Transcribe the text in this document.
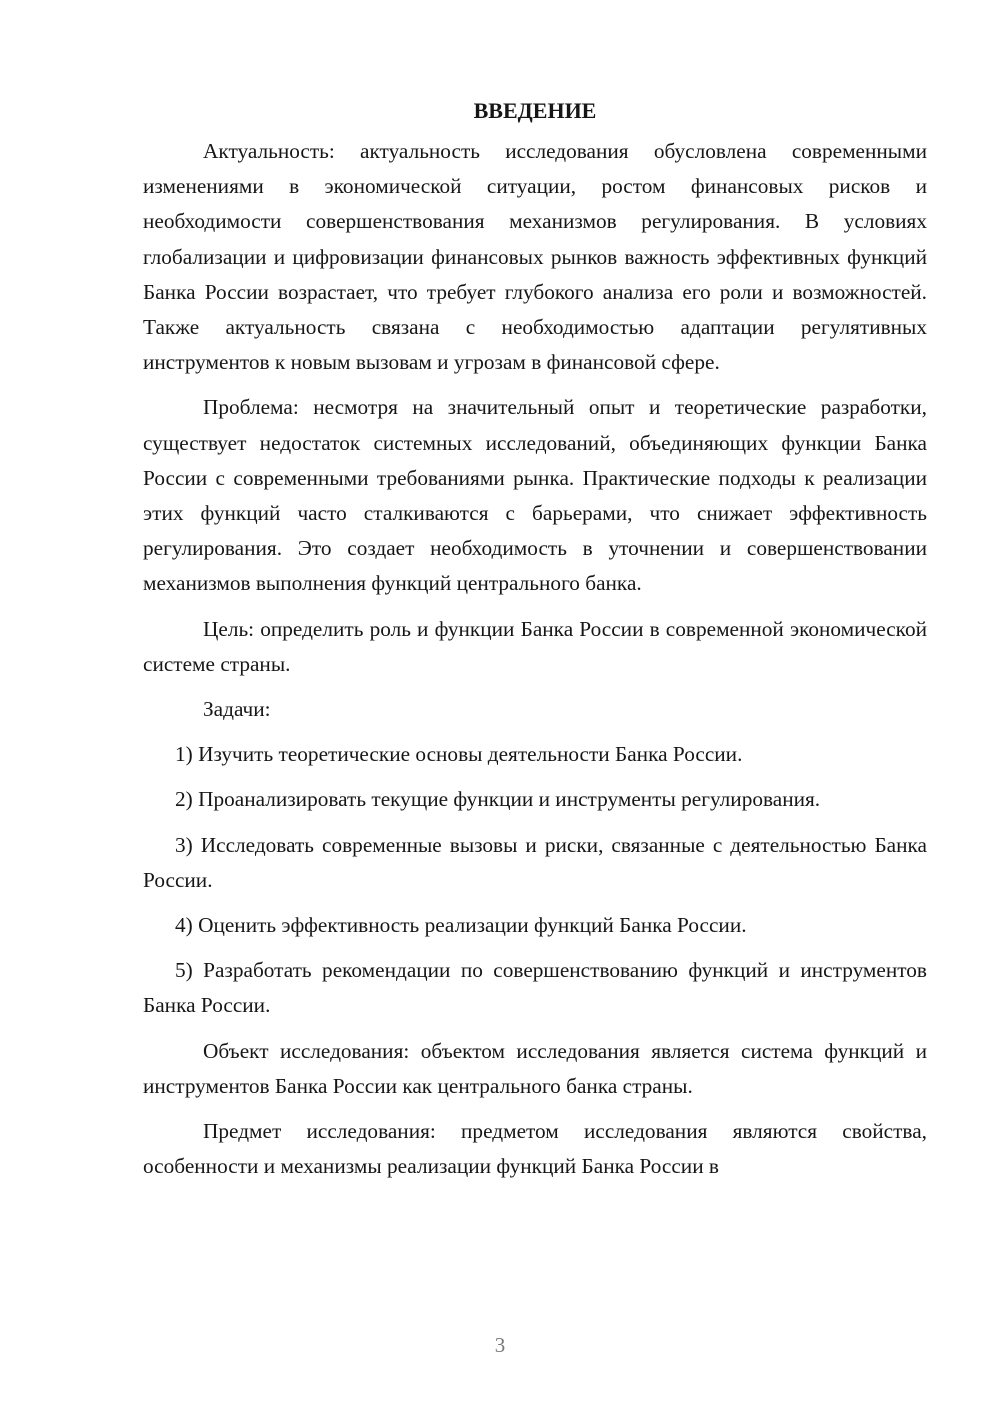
ВВЕДЕНИЕ

Актуальность: актуальность исследования обусловлена современными изменениями в экономической ситуации, ростом финансовых рисков и необходимости совершенствования механизмов регулирования. В условиях глобализации и цифровизации финансовых рынков важность эффективных функций Банка России возрастает, что требует глубокого анализа его роли и возможностей. Также актуальность связана с необходимостью адаптации регулятивных инструментов к новым вызовам и угрозам в финансовой сфере.

Проблема: несмотря на значительный опыт и теоретические разработки, существует недостаток системных исследований, объединяющих функции Банка России с современными требованиями рынка. Практические подходы к реализации этих функций часто сталкиваются с барьерами, что снижает эффективность регулирования. Это создает необходимость в уточнении и совершенствовании механизмов выполнения функций центрального банка.

Цель: определить роль и функции Банка России в современной экономической системе страны.

Задачи:

1) Изучить теоретические основы деятельности Банка России.

2) Проанализировать текущие функции и инструменты регулирования.

3) Исследовать современные вызовы и риски, связанные с деятельностью Банка России.

4) Оценить эффективность реализации функций Банка России.

5) Разработать рекомендации по совершенствованию функций и инструментов Банка России.

Объект исследования: объектом исследования является система функций и инструментов Банка России как центрального банка страны.

Предмет исследования: предметом исследования являются свойства, особенности и механизмы реализации функций Банка России в

3
